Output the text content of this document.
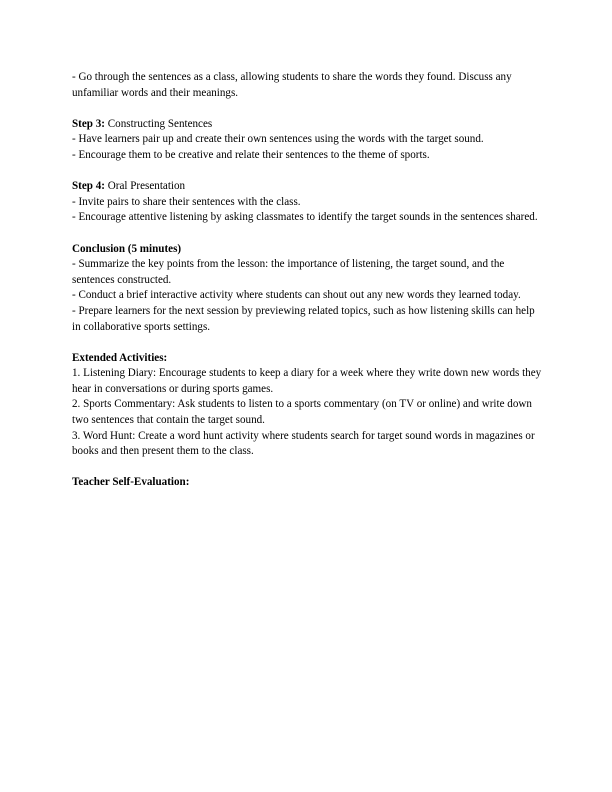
- Go through the sentences as a class, allowing students to share the words they found. Discuss any unfamiliar words and their meanings.
Step 3: Constructing Sentences
- Have learners pair up and create their own sentences using the words with the target sound.
- Encourage them to be creative and relate their sentences to the theme of sports.
Step 4: Oral Presentation
- Invite pairs to share their sentences with the class.
- Encourage attentive listening by asking classmates to identify the target sounds in the sentences shared.
Conclusion (5 minutes)
- Summarize the key points from the lesson: the importance of listening, the target sound, and the sentences constructed.
- Conduct a brief interactive activity where students can shout out any new words they learned today.
- Prepare learners for the next session by previewing related topics, such as how listening skills can help in collaborative sports settings.
Extended Activities:
1. Listening Diary: Encourage students to keep a diary for a week where they write down new words they hear in conversations or during sports games.
2. Sports Commentary: Ask students to listen to a sports commentary (on TV or online) and write down two sentences that contain the target sound.
3. Word Hunt: Create a word hunt activity where students search for target sound words in magazines or books and then present them to the class.
Teacher Self-Evaluation:
